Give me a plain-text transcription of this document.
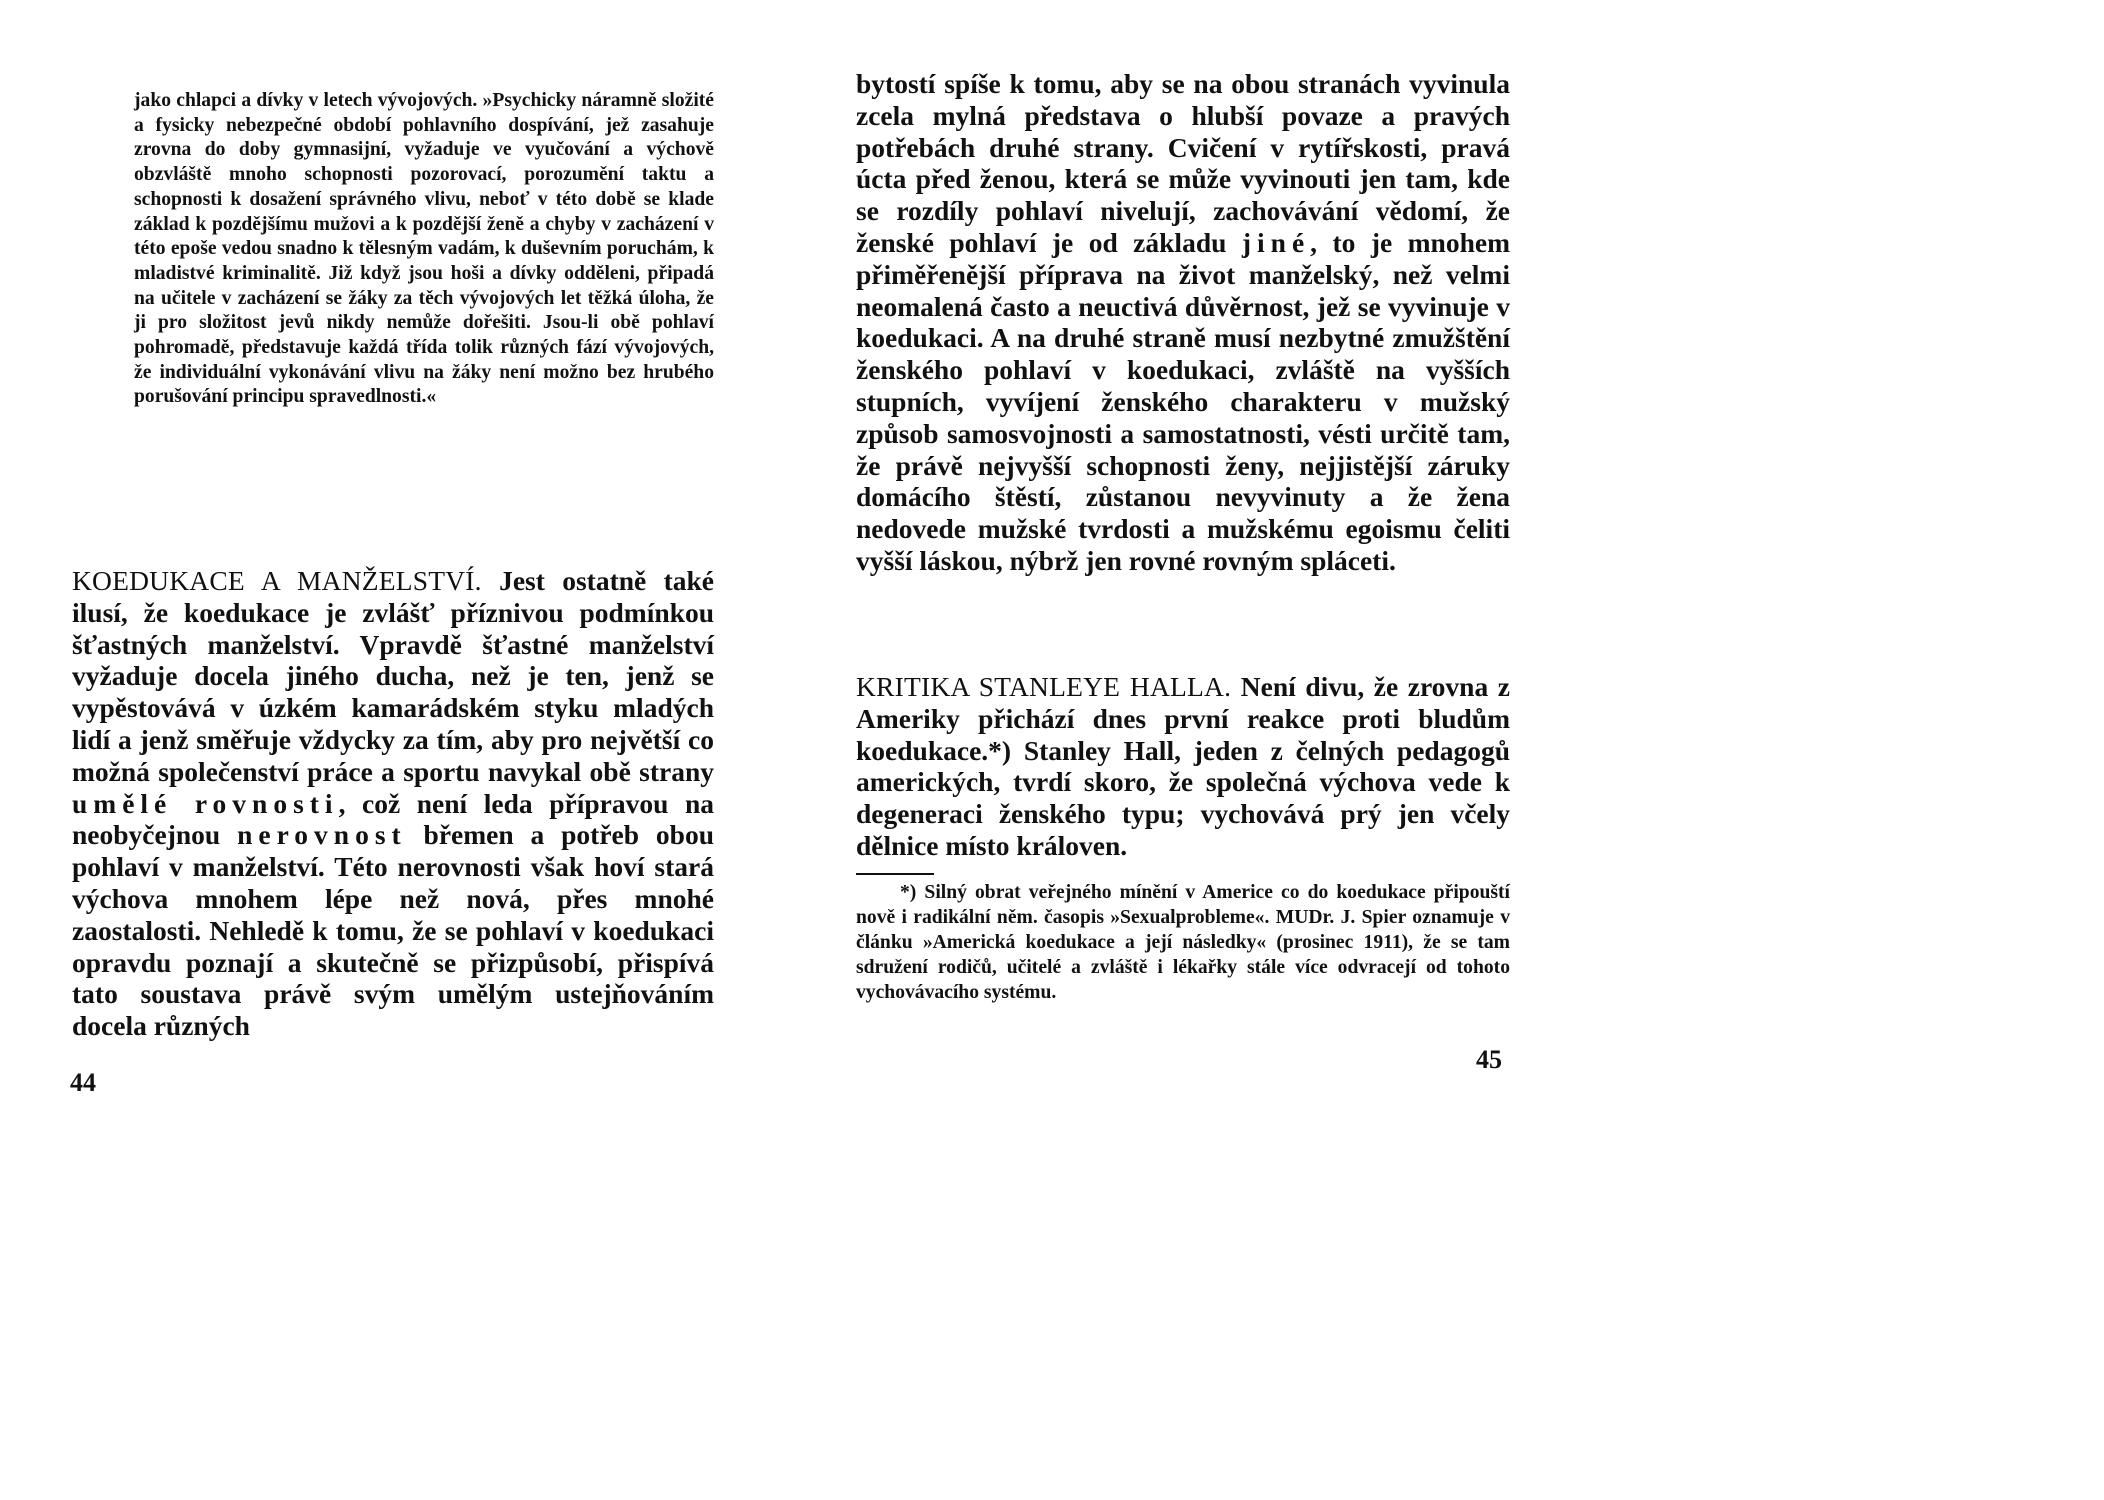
jako chlapci a dívky v letech vývojových. »Psychicky náramně složité a fysicky nebezpečné období pohlavního dospívání, jež zasahuje zrovna do doby gymnasijní, vyžaduje ve vyučování a výchově obzvláště mnoho schopnosti pozorovací, porozumění taktu a schopnosti k dosažení správného vlivu, neboť v této době se klade základ k pozdějšímu mužovi a k pozdější ženě a chyby v zacházení v této epoše vedou snadno k tělesným vadám, k duševním poruchám, k mladistvé kriminalitě. Již když jsou hoši a dívky odděleni, připadá na učitele v zacházení se žáky za těch vývojových let těžká úloha, že ji pro složitost jevů nikdy nemůže dořešiti. Jsou-li obě pohlaví pohromadě, představuje každá třída tolik různých fází vývojových, že individuální vykonávání vlivu na žáky není možno bez hrubého porušování principu spravedlnosti.«

KOEDUKACE A MANŽELSTVÍ. Jest ostatně také ilusí, že koedukace je zvlášť příznivou podmínkou šťastných manželství. Vpravdě šťastné manželství vyžaduje docela jiného ducha, než je ten, jenž se vypěstovává v úzkém kamarádském styku mladých lidí a jenž směřuje vždycky za tím, aby pro největší co možná společenství práce a sportu navykal obě strany umělé rovnosti, což není leda přípravou na neobyčejnou nerovnost břemen a potřeb obou pohlaví v manželství. Této nerovnosti však hoví stará výchova mnohem lépe než nová, přes mnohé zaostalosti. Nehledě k tomu, že se pohlaví v koedukaci opravdu poznají a skutečně se přizpůsobí, přispívá tato soustava právě svým umělým ustejňováním docela různých

44

bytostí spíše k tomu, aby se na obou stranách vyvinula zcela mylná představa o hlubší povaze a pravých potřebách druhé strany. Cvičení v rytířskosti, pravá úcta před ženou, která se může vyvinouti jen tam, kde se rozdíly pohlaví nivelují, zachovávání vědomí, že ženské pohlaví je od základu jiné, to je mnohem přiměřenější příprava na život manželský, než velmi neomalená často a neuctivá důvěrnost, jež se vyvinuje v koedukaci. A na druhé straně musí nezbytné zmužštění ženského pohlaví v koedukaci, zvláště na vyšších stupních, vyvíjení ženského charakteru v mužský způsob samosvojnosti a samostatnosti, vésti určitě tam, že právě nejvyšší schopnosti ženy, nejjistější záruky domácího štěstí, zůstanou nevyvinuty a že žena nedovede mužské tvrdosti a mužskému egoismu čeliti vyšší láskou, nýbrž jen rovné rovným spláceti.

KRITIKA STANLEYE HALLA. Není divu, že zrovna z Ameriky přichází dnes první reakce proti bludům koedukace.*) Stanley Hall, jeden z čelných pedagogů amerických, tvrdí skoro, že společná výchova vede k degeneraci ženského typu; vychovává prý jen včely dělnice místo královen.

*) Silný obrat veřejného mínění v Americe co do koedukace připouští nově i radikální něm. časopis »Sexualprobleme«. MUDr. J. Spier oznamuje v článku »Americká koedukace a její následky« (prosinec 1911), že se tam sdružení rodičů, učitelé a zvláště i lékařky stále více odvracejí od tohoto vychovávacího systému.

45
